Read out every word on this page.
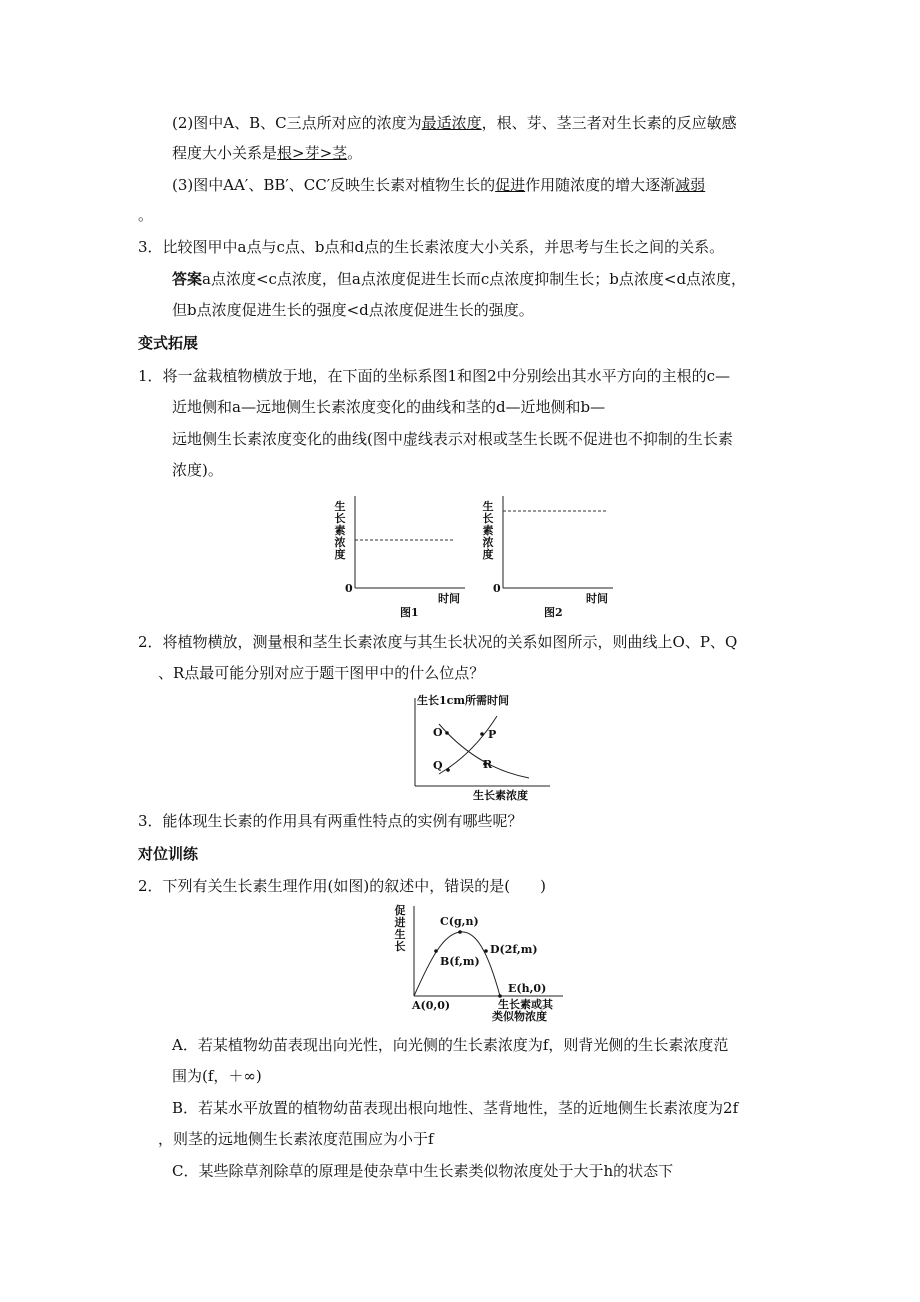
(2)图中A、B、C三点所对应的浓度为最适浓度，根、芽、茎三者对生长素的反应敏感
程度大小关系是根>芽>茎。
(3)图中AA′、BB′、CC′反映生长素对植物生长的促进作用随浓度的增大逐渐减弱
。
3．比较图甲中a点与c点、b点和d点的生长素浓度大小关系，并思考与生长之间的关系。
答案a点浓度<c点浓度，但a点浓度促进生长而c点浓度抑制生长；b点浓度<d点浓度，
但b点浓度促进生长的强度<d点浓度促进生长的强度。
变式拓展
1．将一盆栽植物横放于地，在下面的坐标系图1和图2中分别绘出其水平方向的主根的c—
近地侧和a—远地侧生长素浓度变化的曲线和茎的d—近地侧和b—
远地侧生长素浓度变化的曲线(图中虚线表示对根或茎生长既不促进也不抑制的生长素
浓度)。
生
长
素
浓
度
0
时间
图1
生
长
素
浓
度
0
时间
图2
2．将植物横放，测量根和茎生长素浓度与其生长状况的关系如图所示，则曲线上O、P、Q
、R点最可能分别对应于题干图甲中的什么位点？
生长1cm所需时间
O	P
Q	R
生长素浓度
3．能体现生长素的作用具有两重性特点的实例有哪些呢？
对位训练
2．下列有关生长素生理作用(如图)的叙述中，错误的是(　　)
促
进
生
长
C(g,n)
D(2f,m)
B(f,m)
E(h,0)
A(0,0)	生长素或其
类似物浓度
A．若某植物幼苗表现出向光性，向光侧的生长素浓度为f，则背光侧的生长素浓度范
围为(f，＋∞)
B．若某水平放置的植物幼苗表现出根向地性、茎背地性，茎的近地侧生长素浓度为2f
，则茎的远地侧生长素浓度范围应为小于f
C．某些除草剂除草的原理是使杂草中生长素类似物浓度处于大于h的状态下
